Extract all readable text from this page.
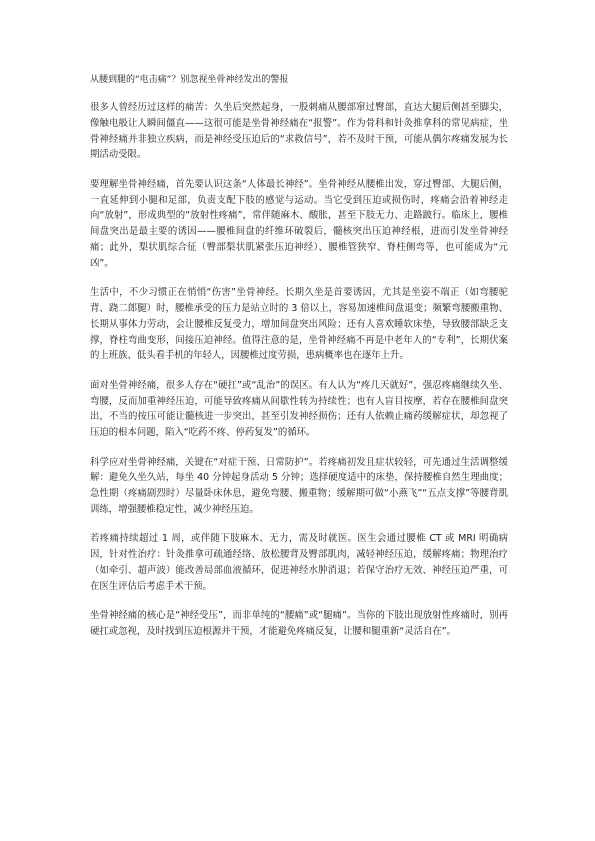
从腰到腿的“电击痛”？别忽视坐骨神经发出的警报

很多人曾经历过这样的痛苦：久坐后突然起身，一股刺痛从腰部窜过臀部，直达大腿后侧甚至脚尖，像触电般让人瞬间僵直——这很可能是坐骨神经痛在“报警”。作为骨科和针灸推拿科的常见病症，坐骨神经痛并非独立疾病，而是神经受压迫后的“求救信号”，若不及时干预，可能从偶尔疼痛发展为长期活动受限。

要理解坐骨神经痛，首先要认识这条“人体最长神经”。坐骨神经从腰椎出发，穿过臀部、大腿后侧，一直延伸到小腿和足部，负责支配下肢的感觉与运动。当它受到压迫或损伤时，疼痛会沿着神经走向“放射”，形成典型的“放射性疼痛”，常伴随麻木、酸胀，甚至下肢无力、走路跛行。临床上，腰椎间盘突出是最主要的诱因——腰椎间盘的纤维环破裂后，髓核突出压迫神经根，进而引发坐骨神经痛；此外，梨状肌综合征（臀部梨状肌紧张压迫神经）、腰椎管狭窄、脊柱侧弯等，也可能成为“元凶”。

生活中，不少习惯正在悄悄“伤害”坐骨神经。长期久坐是首要诱因，尤其是坐姿不端正（如弯腰驼背、跷二郎腿）时，腰椎承受的压力是站立时的 3 倍以上，容易加速椎间盘退变；频繁弯腰搬重物、长期从事体力劳动，会让腰椎反复受力，增加间盘突出风险；还有人喜欢睡软床垫，导致腰部缺乏支撑，脊柱弯曲变形，间接压迫神经。值得注意的是，坐骨神经痛不再是中老年人的“专利”，长期伏案的上班族、低头看手机的年轻人，因腰椎过度劳损，患病概率也在逐年上升。

面对坐骨神经痛，很多人存在“硬扛”或“乱治”的误区。有人认为“疼几天就好”，强忍疼痛继续久坐、弯腰，反而加重神经压迫，可能导致疼痛从间歇性转为持续性；也有人盲目按摩，若存在腰椎间盘突出，不当的按压可能让髓核进一步突出，甚至引发神经损伤；还有人依赖止痛药缓解症状，却忽视了压迫的根本问题，陷入“吃药不疼、停药复发”的循环。

科学应对坐骨神经痛，关键在“对症干预、日常防护”。若疼痛初发且症状较轻，可先通过生活调整缓解：避免久坐久站，每坐 40 分钟起身活动 5 分钟；选择硬度适中的床垫，保持腰椎自然生理曲度；急性期（疼痛剧烈时）尽量卧床休息，避免弯腰、搬重物；缓解期可做“小燕飞”“五点支撑”等腰背肌训练，增强腰椎稳定性，减少神经压迫。

若疼痛持续超过 1 周，或伴随下肢麻木、无力，需及时就医。医生会通过腰椎 CT 或 MRI 明确病因，针对性治疗：针灸推拿可疏通经络、放松腰背及臀部肌肉，减轻神经压迫，缓解疼痛；物理治疗（如牵引、超声波）能改善局部血液循环，促进神经水肿消退；若保守治疗无效、神经压迫严重，可在医生评估后考虑手术干预。

坐骨神经痛的核心是“神经受压”，而非单纯的“腰痛”或“腿痛”。当你的下肢出现放射性疼痛时，别再硬扛或忽视，及时找到压迫根源并干预，才能避免疼痛反复，让腰和腿重新“灵活自在”。
